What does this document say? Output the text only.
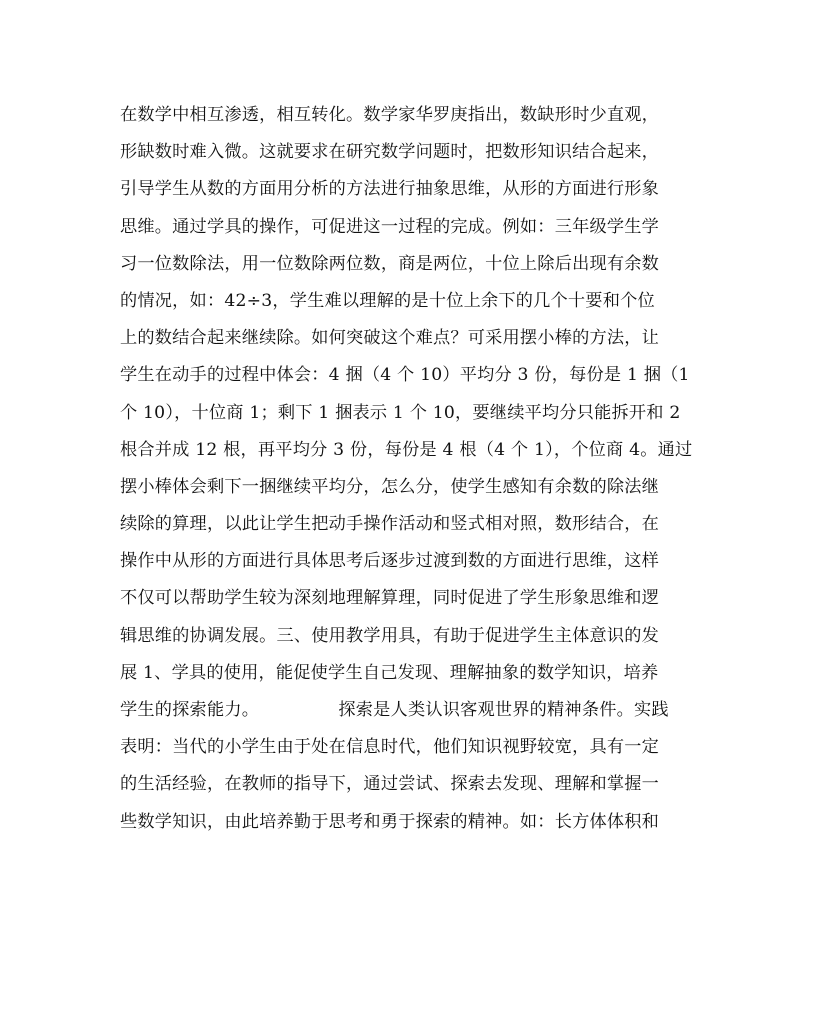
在数学中相互渗透，相互转化。数学家华罗庚指出，数缺形时少直观，
形缺数时难入微。这就要求在研究数学问题时，把数形知识结合起来，
引导学生从数的方面用分析的方法进行抽象思维，从形的方面进行形象
思维。通过学具的操作，可促进这一过程的完成。例如：三年级学生学
习一位数除法，用一位数除两位数，商是两位，十位上除后出现有余数
的情况，如：42÷3，学生难以理解的是十位上余下的几个十要和个位
上的数结合起来继续除。如何突破这个难点？可采用摆小棒的方法，让
学生在动手的过程中体会：4 捆（4 个 10）平均分 3 份，每份是 1 捆（1
个 10），十位商 1；剩下 1 捆表示 1 个 10，要继续平均分只能拆开和 2
根合并成 12 根，再平均分 3 份，每份是 4 根（4 个 1），个位商 4。通过
摆小棒体会剩下一捆继续平均分，怎么分，使学生感知有余数的除法继
续除的算理，以此让学生把动手操作活动和竖式相对照，数形结合，在
操作中从形的方面进行具体思考后逐步过渡到数的方面进行思维，这样
不仅可以帮助学生较为深刻地理解算理，同时促进了学生形象思维和逻
辑思维的协调发展。三、使用教学用具，有助于促进学生主体意识的发
展 1、学具的使用，能促使学生自己发现、理解抽象的数学知识，培养
学生的探索能力。              探索是人类认识客观世界的精神条件。实践
表明：当代的小学生由于处在信息时代，他们知识视野较宽，具有一定
的生活经验，在教师的指导下，通过尝试、探索去发现、理解和掌握一
些数学知识，由此培养勤于思考和勇于探索的精神。如：长方体体积和
